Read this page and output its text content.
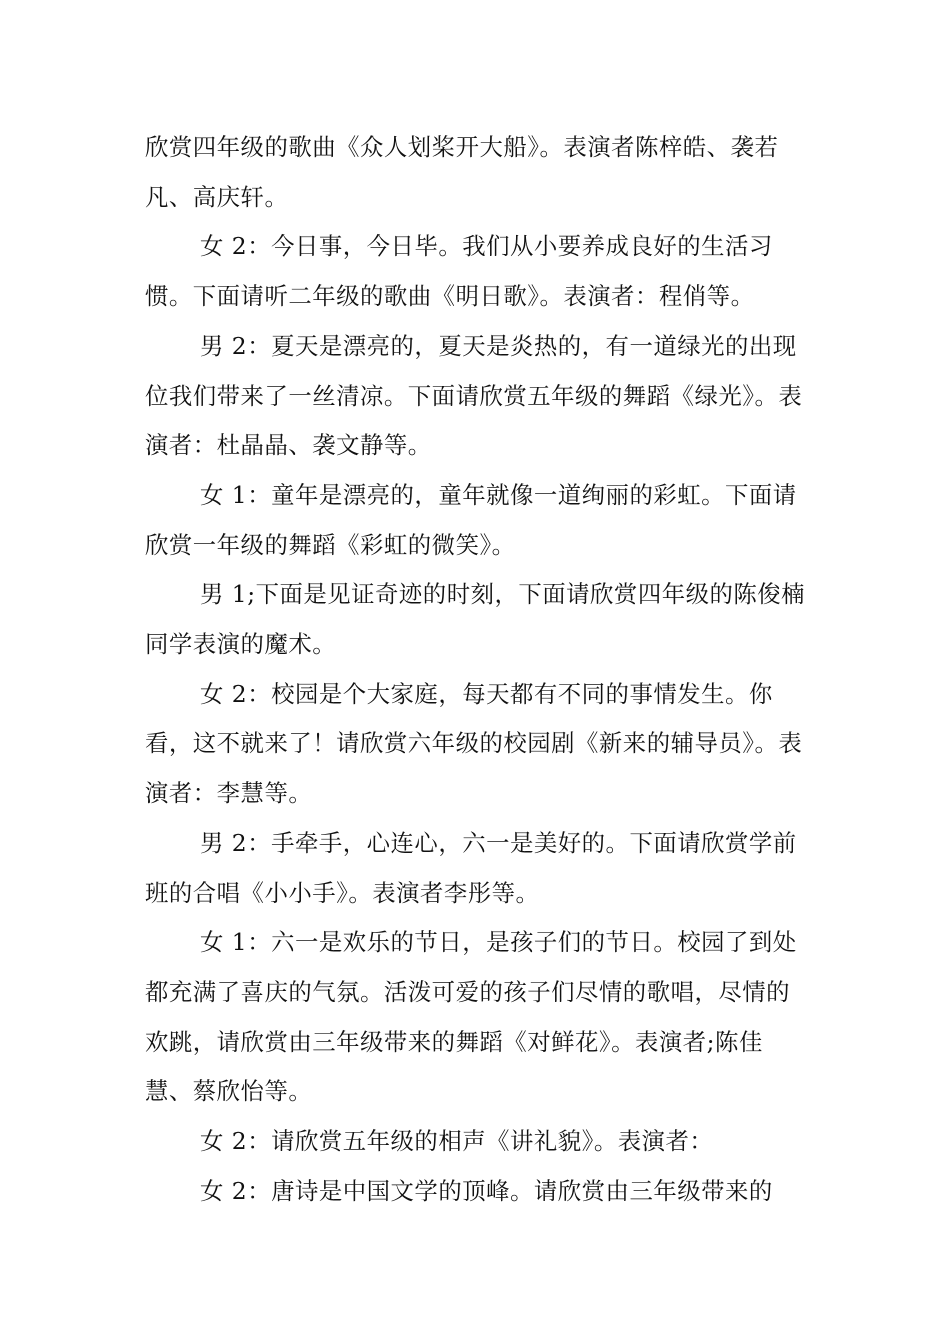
欣赏四年级的歌曲《众人划桨开大船》。表演者陈梓皓、袭若凡、高庆轩。

女 2：今日事，今日毕。我们从小要养成良好的生活习惯。下面请听二年级的歌曲《明日歌》。表演者：程俏等。

男 2：夏天是漂亮的，夏天是炎热的，有一道绿光的出现位我们带来了一丝清凉。下面请欣赏五年级的舞蹈《绿光》。表演者：杜晶晶、袭文静等。

女 1：童年是漂亮的，童年就像一道绚丽的彩虹。下面请欣赏一年级的舞蹈《彩虹的微笑》。

男 1;下面是见证奇迹的时刻，下面请欣赏四年级的陈俊楠同学表演的魔术。

女 2：校园是个大家庭，每天都有不同的事情发生。你看，这不就来了！请欣赏六年级的校园剧《新来的辅导员》。表演者：李慧等。

男 2：手牵手，心连心，六一是美好的。下面请欣赏学前班的合唱《小小手》。表演者李彤等。

女 1：六一是欢乐的节日，是孩子们的节日。校园了到处都充满了喜庆的气氛。活泼可爱的孩子们尽情的歌唱，尽情的欢跳，请欣赏由三年级带来的舞蹈《对鲜花》。表演者;陈佳慧、蔡欣怡等。

女 2：请欣赏五年级的相声《讲礼貌》。表演者：

女 2：唐诗是中国文学的顶峰。请欣赏由三年级带来的
